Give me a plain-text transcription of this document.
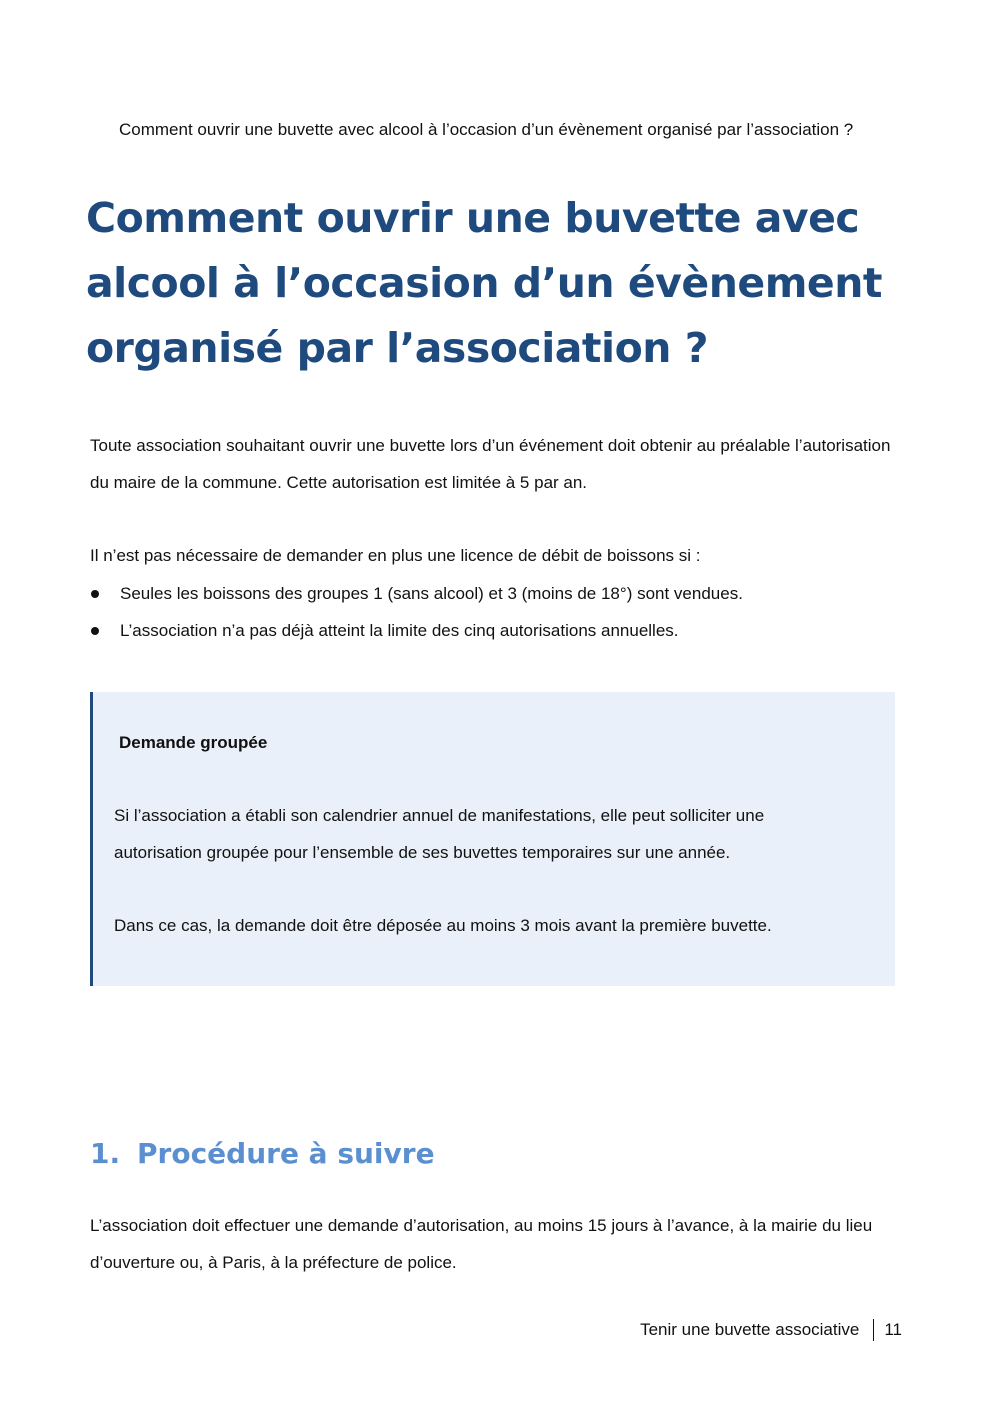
Comment ouvrir une buvette avec alcool à l’occasion d’un évènement organisé par l’association ?
Comment ouvrir une buvette avec alcool à l’occasion d’un évènement organisé par l’association ?

Toute association souhaitant ouvrir une buvette lors d’un événement doit obtenir au préalable l’autorisation du maire de la commune. Cette autorisation est limitée à 5 par an.

Il n’est pas nécessaire de demander en plus une licence de débit de boissons si :

Seules les boissons des groupes 1 (sans alcool) et 3 (moins de 18°) sont vendues.
L’association n’a pas déjà atteint la limite des cinq autorisations annuelles.
Demande groupée

Si l’association a établi son calendrier annuel de manifestations, elle peut solliciter une autorisation groupée pour l’ensemble de ses buvettes temporaires sur une année.

Dans ce cas, la demande doit être déposée au moins 3 mois avant la première buvette.

1. Procédure à suivre

L’association doit effectuer une demande d’autorisation, au moins 15 jours à l’avance, à la mairie du lieu d’ouverture ou, à Paris, à la préfecture de police.

Tenir une buvette associative 11
